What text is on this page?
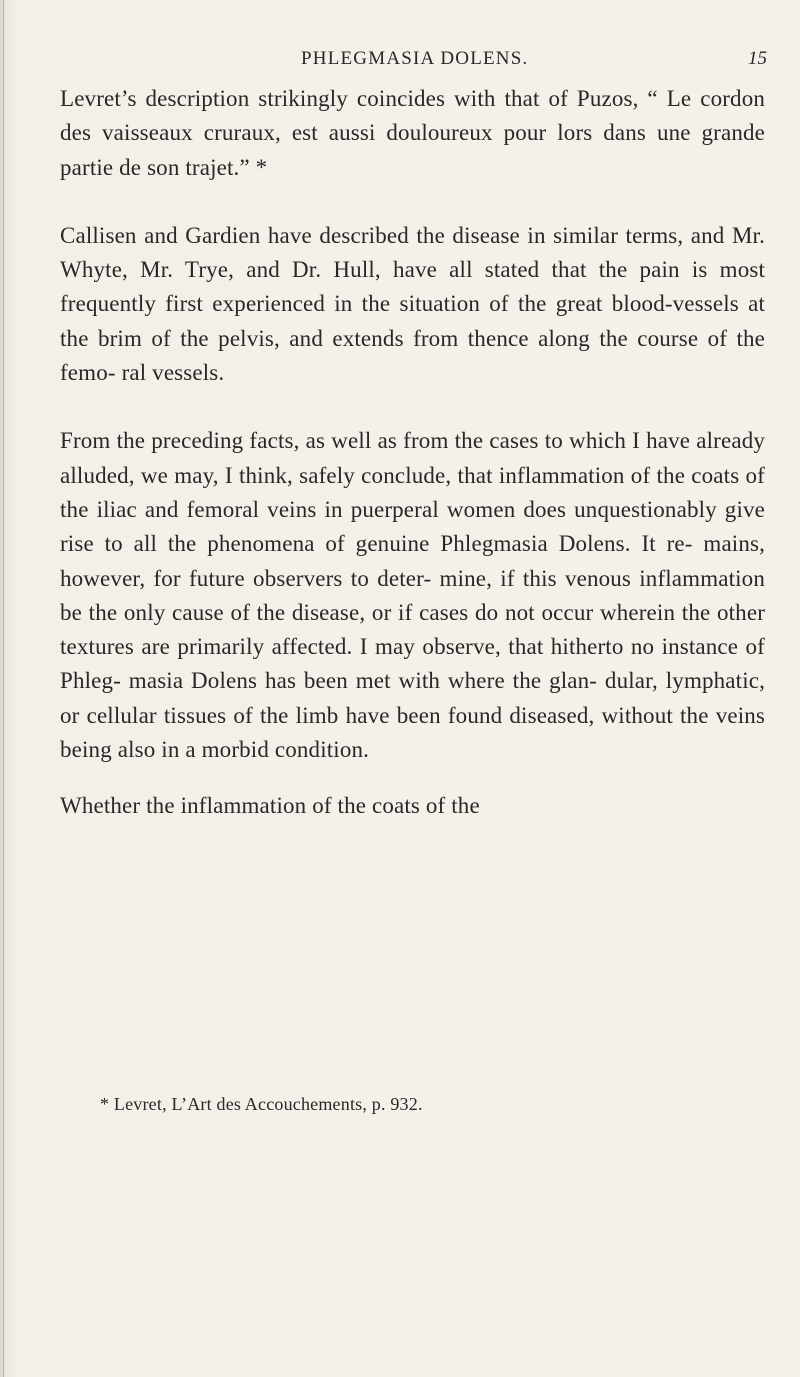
PHLEGMASIA DOLENS.	15

Levret’s description strikingly coincides with that of Puzos, “ Le cordon des vaisseaux cruraux, est aussi douloureux pour lors dans une grande partie de son trajet.” *

Callisen and Gardien have described the disease in similar terms, and Mr. Whyte, Mr. Trye, and Dr. Hull, have all stated that the pain is most frequently first experienced in the situation of the great blood-vessels at the brim of the pelvis, and extends from thence along the course of the femo- ral vessels.

From the preceding facts, as well as from the cases to which I have already alluded, we may, I think, safely conclude, that inflammation of the coats of the iliac and femoral veins in puerperal women does unquestionably give rise to all the phenomena of genuine Phlegmasia Dolens. It re- mains, however, for future observers to deter- mine, if this venous inflammation be the only cause of the disease, or if cases do not occur wherein the other textures are primarily affected. I may observe, that hitherto no instance of Phleg- masia Dolens has been met with where the glan- dular, lymphatic, or cellular tissues of the limb have been found diseased, without the veins being also in a morbid condition.

Whether the inflammation of the coats of the

* Levret, L’Art des Accouchements, p. 932.
